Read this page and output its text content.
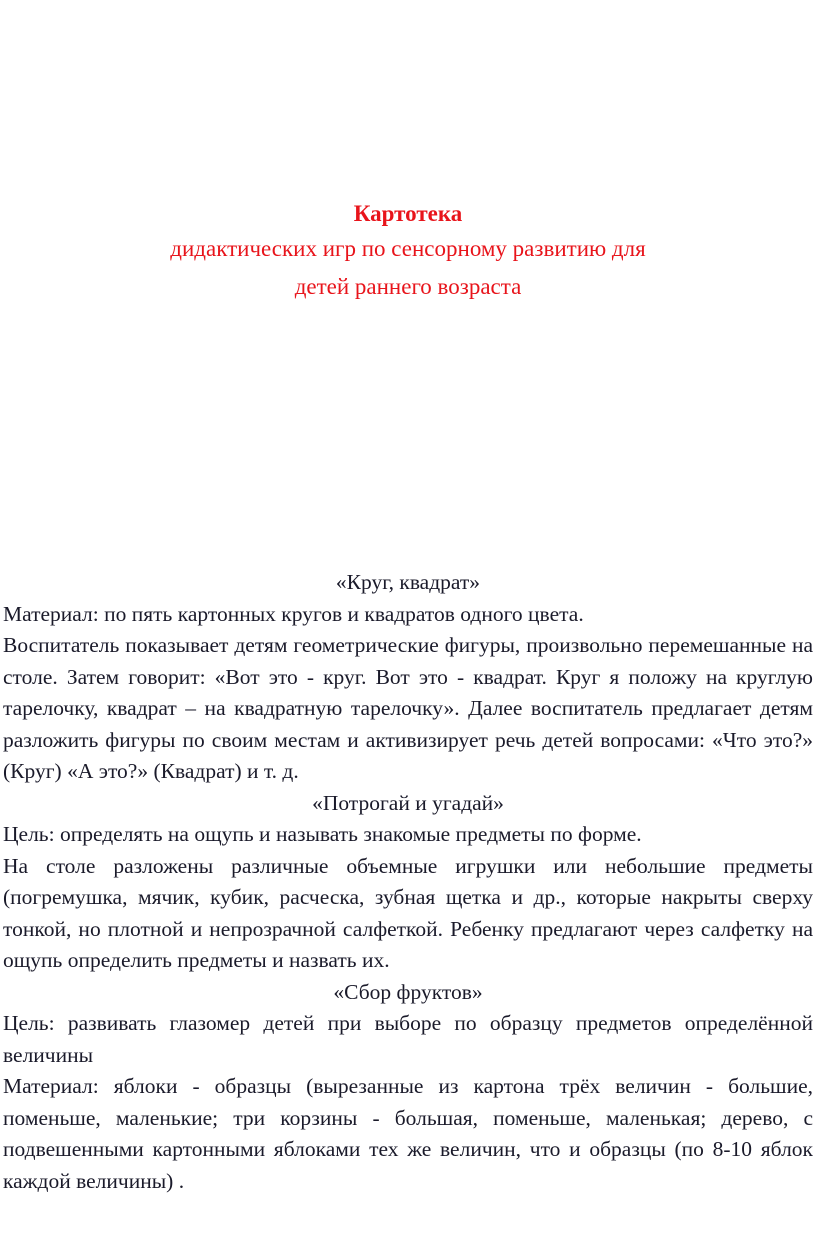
Картотека
дидактических игр по сенсорному развитию для
детей раннего возраста

«Круг, квадрат»

Материал: по пять картонных кругов и квадратов одного цвета.

Воспитатель показывает детям геометрические фигуры, произвольно перемешанные на столе. Затем говорит: «Вот это - круг. Вот это - квадрат. Круг я положу на круглую тарелочку, квадрат – на квадратную тарелочку». Далее воспитатель предлагает детям разложить фигуры по своим местам и активизирует речь детей вопросами: «Что это?» (Круг) «А это?» (Квадрат) и т. д.

«Потрогай и угадай»

Цель: определять на ощупь и называть знакомые предметы по форме.

На столе разложены различные объемные игрушки или небольшие предметы (погремушка, мячик, кубик, расческа, зубная щетка и др., которые накрыты сверху тонкой, но плотной и непрозрачной салфеткой. Ребенку предлагают через салфетку на ощупь определить предметы и назвать их.

«Сбор фруктов»

Цель: развивать глазомер детей при выборе по образцу предметов определённой величины

Материал: яблоки - образцы (вырезанные из картона трёх величин - большие, поменьше, маленькие; три корзины - большая, поменьше, маленькая; дерево, с подвешенными картонными яблоками тех же величин, что и образцы (по 8-10 яблок каждой величины) .
